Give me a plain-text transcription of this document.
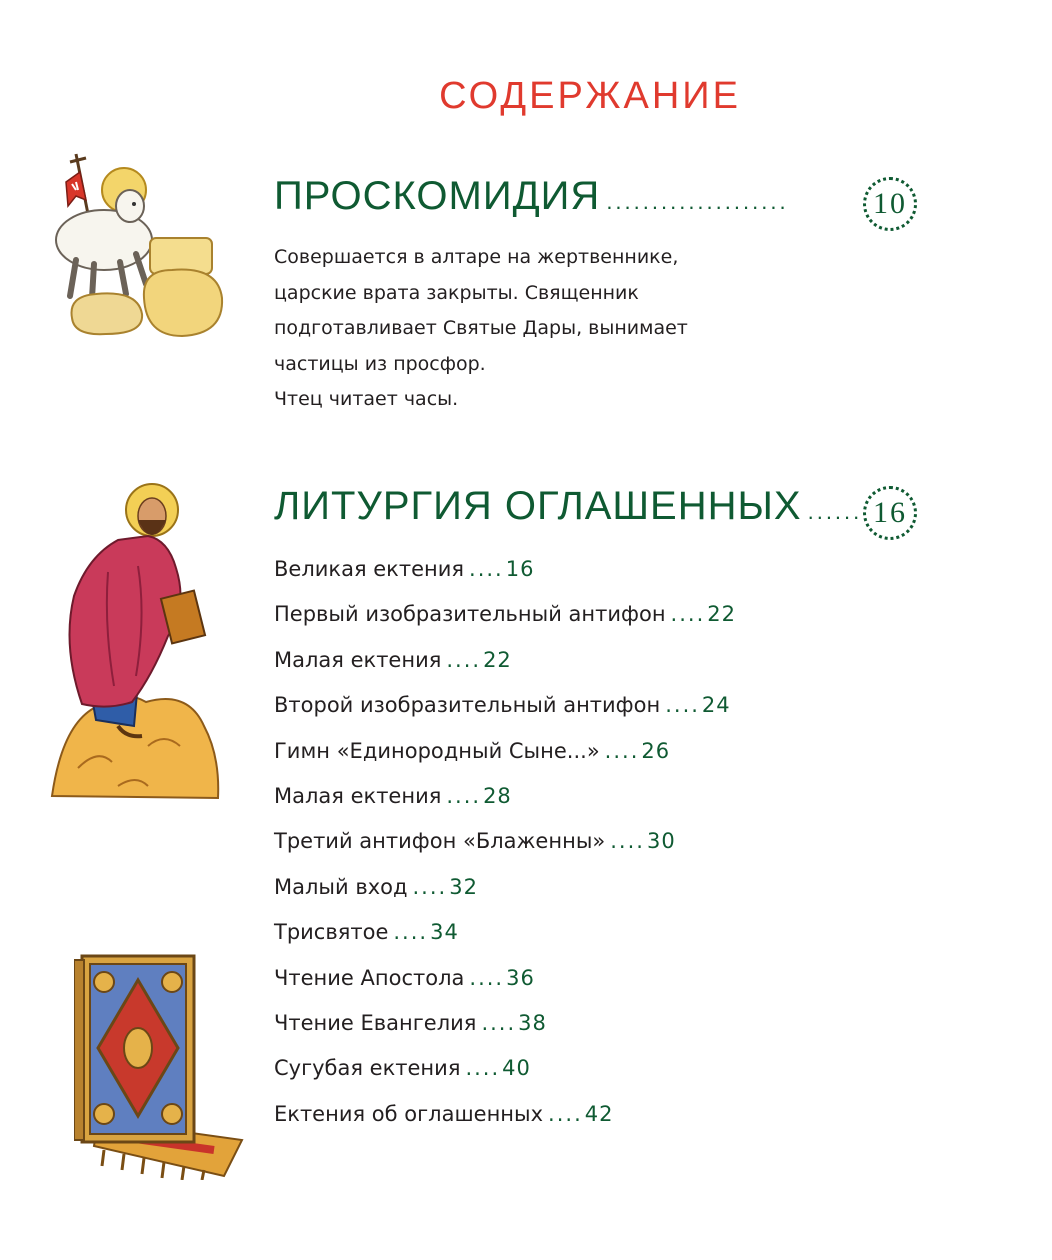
СОДЕРЖАНИЕ
ПРОСКОМИДИЯ ....................	10
Совершается в алтаре на жертвеннике,
царские врата закрыты. Священник
подготавливает Святые Дары, вынимает
частицы из просфор.
Чтец читает часы.
ЛИТУРГИЯ ОГЛАШЕННЫХ ...... 16
Великая ектения ....16
Первый изобразительный антифон ....22
Малая ектения ....22
Второй изобразительный антифон ....24
Гимн «Единородный Сыне...» ....26
Малая ектения ....28
Третий антифон «Блаженны» ....30
Малый вход ....32
Трисвятое ....34
Чтение Апостола ....36
Чтение Евангелия ....38
Сугубая ектения ....40
Ектения об оглашенных ....42
